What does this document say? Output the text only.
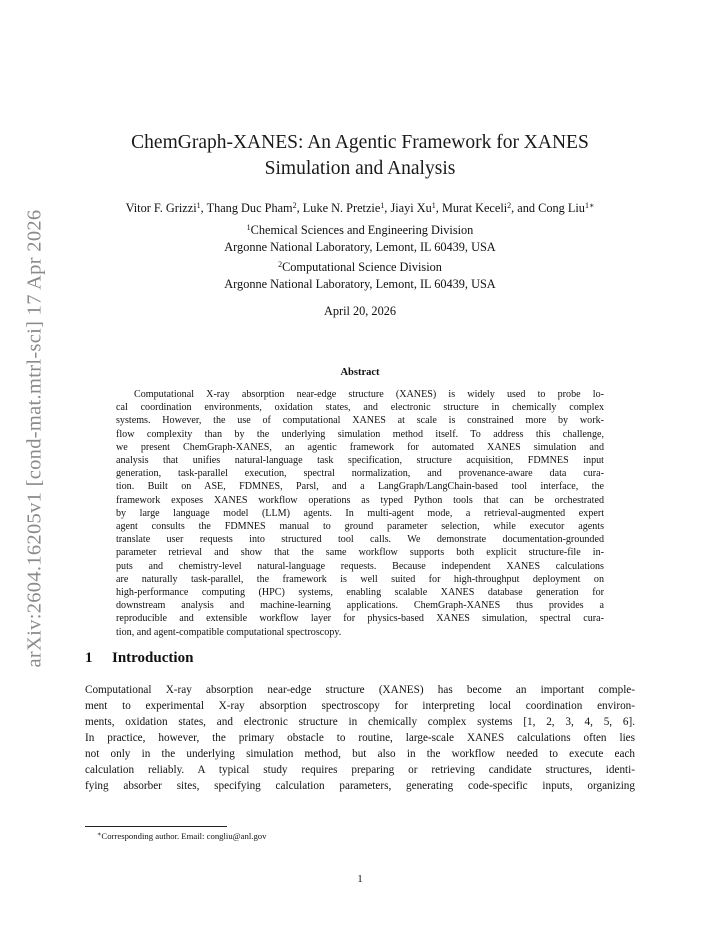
arXiv:2604.16205v1 [cond-mat.mtrl-sci] 17 Apr 2026
ChemGraph-XANES: An Agentic Framework for XANES
Simulation and Analysis
Vitor F. Grizzi$^1$, Thang Duc Pham$^2$, Luke N. Pretzie$^1$, Jiayi Xu$^1$, Murat Keceli$^2$, and Cong Liu$^{1∗}$
$^1$Chemical Sciences and Engineering Division
Argonne National Laboratory, Lemont, IL 60439, USA
$^2$Computational Science Division
Argonne National Laboratory, Lemont, IL 60439, USA
April 20, 2026
Abstract
Computational X-ray absorption near-edge structure (XANES) is widely used to probe lo-
cal coordination environments, oxidation states, and electronic structure in chemically complex
systems. However, the use of computational XANES at scale is constrained more by work-
flow complexity than by the underlying simulation method itself. To address this challenge,
we present ChemGraph-XANES, an agentic framework for automated XANES simulation and
analysis that unifies natural-language task specification, structure acquisition, FDMNES input
generation, task-parallel execution, spectral normalization, and provenance-aware data cura-
tion. Built on ASE, FDMNES, Parsl, and a LangGraph/LangChain-based tool interface, the
framework exposes XANES workflow operations as typed Python tools that can be orchestrated
by large language model (LLM) agents. In multi-agent mode, a retrieval-augmented expert
agent consults the FDMNES manual to ground parameter selection, while executor agents
translate user requests into structured tool calls. We demonstrate documentation-grounded
parameter retrieval and show that the same workflow supports both explicit structure-file in-
puts and chemistry-level natural-language requests. Because independent XANES calculations
are naturally task-parallel, the framework is well suited for high-throughput deployment on
high-performance computing (HPC) systems, enabling scalable XANES database generation for
downstream analysis and machine-learning applications. ChemGraph-XANES thus provides a
reproducible and extensible workflow layer for physics-based XANES simulation, spectral cura-
tion, and agent-compatible computational spectroscopy.
1 Introduction
Computational X-ray absorption near-edge structure (XANES) has become an important comple-
ment to experimental X-ray absorption spectroscopy for interpreting local coordination environ-
ments, oxidation states, and electronic structure in chemically complex systems [1, 2, 3, 4, 5, 6].
In practice, however, the primary obstacle to routine, large-scale XANES calculations often lies
not only in the underlying simulation method, but also in the workflow needed to execute each
calculation reliably. A typical study requires preparing or retrieving candidate structures, identi-
fying absorber sites, specifying calculation parameters, generating code-specific inputs, organizing
∗Corresponding author. Email: congliu@anl.gov
1
